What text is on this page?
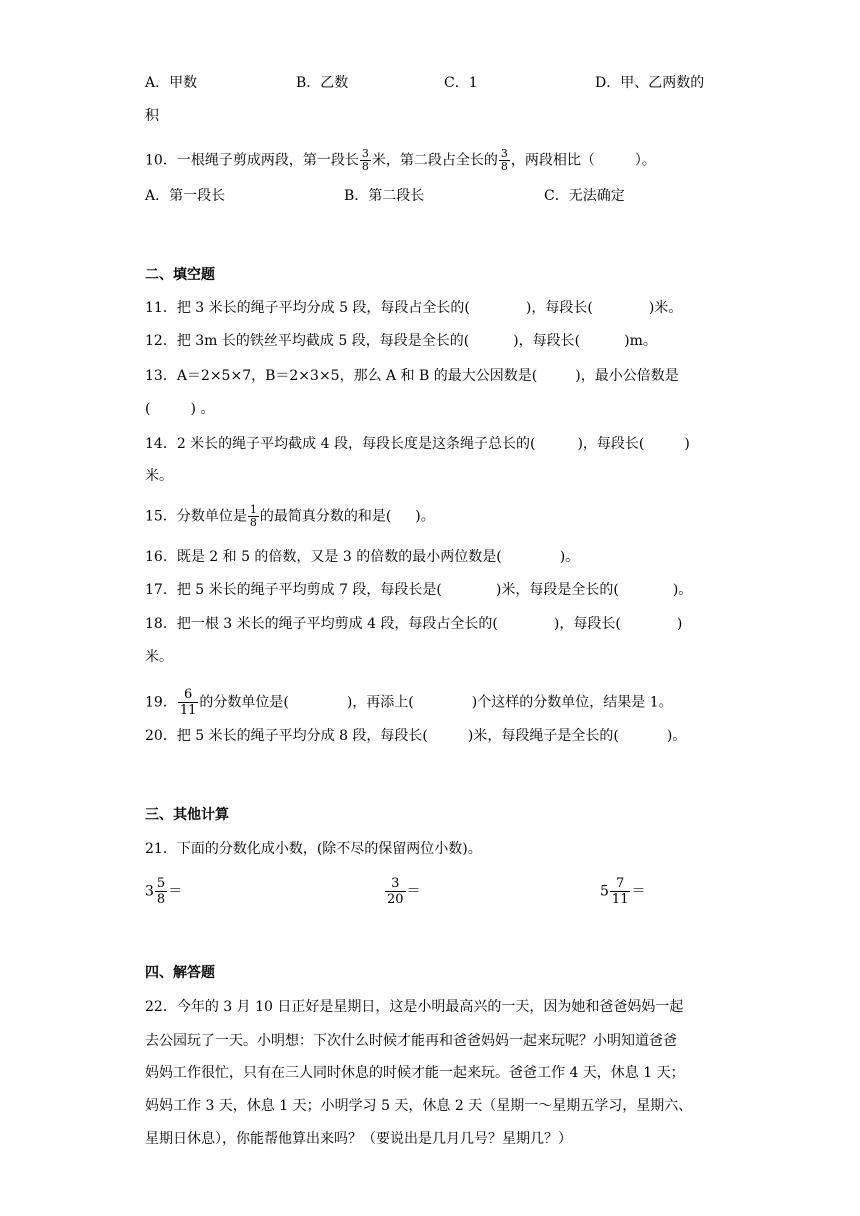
A．甲数	B．乙数	C．1	D．甲、乙两数的
积
10．一根绳子剪成两段，第一段长 $\frac{3}{8}$ 米，第二段占全长的 $\frac{3}{8}$ ，两段相比（	）。
A．第一段长	B．第二段长	C．无法确定
二、填空题
11．把 3 米长的绳子平均分成 5 段，每段占全长的(	)，每段长(	)米。
12．把 3m 长的铁丝平均截成 5 段，每段是全长的(	)，每段长(	)m。
13．A＝2×5×7，B＝2×3×5，那么 A 和 B 的最大公因数是(	)，最小公倍数是
(	) 。
14．2 米长的绳子平均截成 4 段，每段长度是这条绳子总长的(	)，每段长(	)
米。
15．分数单位是 $\frac{1}{8}$ 的最简真分数的和是( )。
16．既是 2 和 5 的倍数，又是 3 的倍数的最小两位数是(	)。
17．把 5 米长的绳子平均剪成 7 段，每段长是(	)米，每段是全长的(	)。
18．把一根 3 米长的绳子平均剪成 4 段，每段占全长的(	)，每段长(	)
米。
19． $\frac{6}{11}$ 的分数单位是(	)，再添上(	)个这样的分数单位，结果是 1。
20．把 5 米长的绳子平均分成 8 段，每段长(	)米，每段绳子是全长的(	)。
三、其他计算
21．下面的分数化成小数，(除不尽的保留两位小数)。
$3 \frac{5}{8}$ ＝	$\frac{3}{20}$ ＝	$5 \frac{7}{11}$ ＝
四、解答题
22．今年的 3 月 10 日正好是星期日，这是小明最高兴的一天，因为她和爸爸妈妈一起
去公园玩了一天。小明想：下次什么时候才能再和爸爸妈妈一起来玩呢？小明知道爸爸
妈妈工作很忙，只有在三人同时休息的时候才能一起来玩。爸爸工作 4 天，休息 1 天；
妈妈工作 3 天，休息 1 天；小明学习 5 天，休息 2 天（星期一～星期五学习，星期六、
星期日休息），你能帮他算出来吗？（要说出是几月几号？星期几？）
